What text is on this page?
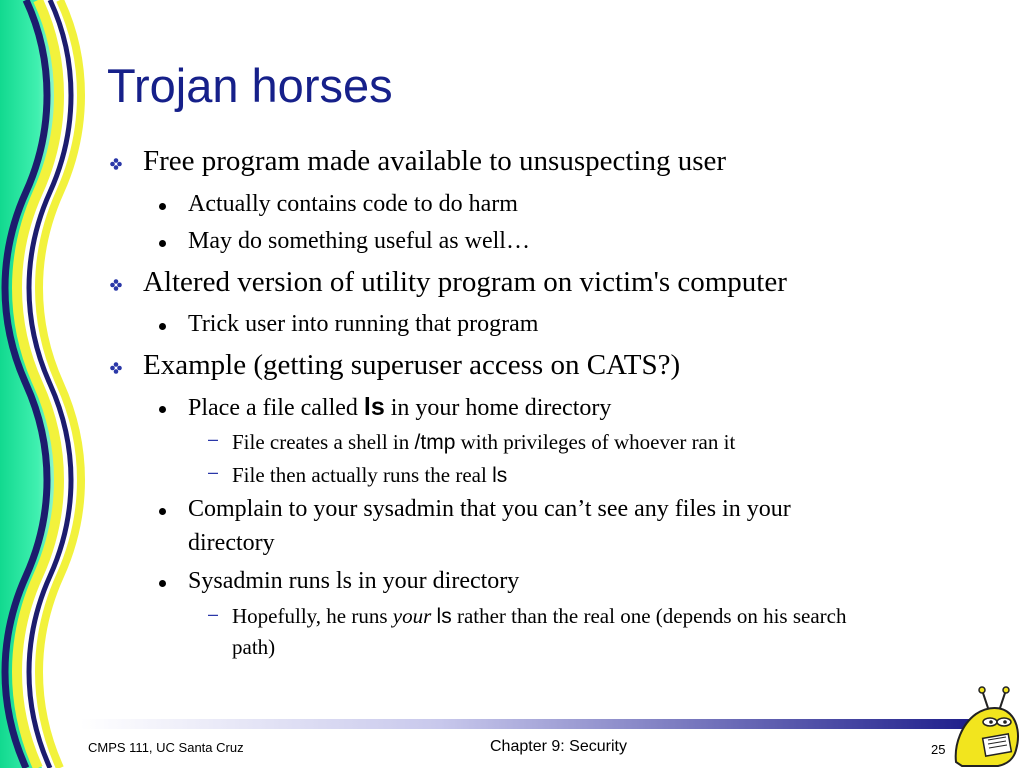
Trojan horses
Free program made available to unsuspecting user
Actually contains code to do harm
May do something useful as well…
Altered version of utility program on victim's computer
Trick user into running that program
Example (getting superuser access on CATS?)
Place a file called ls in your home directory
– File creates a shell in /tmp with privileges of whoever ran it
– File then actually runs the real ls
Complain to your sysadmin that you can’t see any files in your
directory
Sysadmin runs ls in your directory
– Hopefully, he runs your ls rather than the real one (depends on his search
path)
CMPS 111, UC Santa Cruz	Chapter 9: Security	25
